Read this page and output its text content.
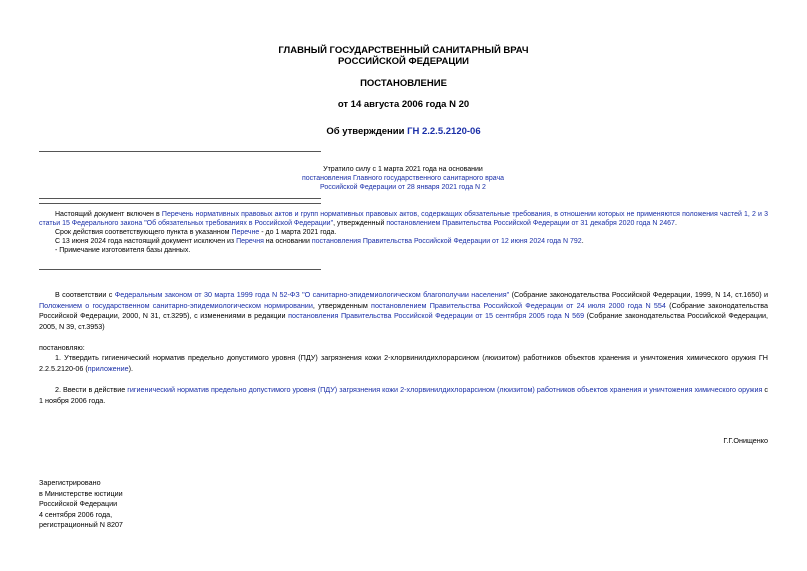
ГЛАВНЫЙ ГОСУДАРСТВЕННЫЙ САНИТАРНЫЙ ВРАЧ
РОССИЙСКОЙ ФЕДЕРАЦИИ
ПОСТАНОВЛЕНИЕ
от 14 августа 2006 года N 20
Об утверждении ГН 2.2.5.2120-06
Утратило силу с 1 марта 2021 года на основании
постановления Главного государственного санитарного врача
Российской Федерации от 28 января 2021 года N 2

Настоящий документ включен в Перечень нормативных правовых актов и групп нормативных правовых актов, содержащих обязательные требования, в отношении которых не применяются положения частей 1, 2 и 3 статьи 15 Федерального закона "Об обязательных требованиях в Российской Федерации", утвержденный постановлением Правительства Российской Федерации от 31 декабря 2020 года N 2467.

Срок действия соответствующего пункта в указанном Перечне - до 1 марта 2021 года.

С 13 июня 2024 года настоящий документ исключен из Перечня на основании постановления Правительства Российской Федерации от 12 июня 2024 года N 792.

- Примечание изготовителя базы данных.

В соответствии с Федеральным законом от 30 марта 1999 года N 52-ФЗ "О санитарно-эпидемиологическом благополучии населения" (Собрание законодательства Российской Федерации, 1999, N 14, ст.1650) и Положением о государственном санитарно-эпидемиологическом нормировании, утвержденным постановлением Правительства Российской Федерации от 24 июля 2000 года N 554 (Собрание законодательства Российской Федерации, 2000, N 31, ст.3295), с изменениями в редакции постановления Правительства Российской Федерации от 15 сентября 2005 года N 569 (Собрание законодательства Российской Федерации, 2005, N 39, ст.3953)

постановляю:

1. Утвердить гигиенический норматив предельно допустимого уровня (ПДУ) загрязнения кожи 2-хлорвинилдихлорарсином (люизитом) работников объектов хранения и уничтожения химического оружия ГН 2.2.5.2120-06 (приложение).

2. Ввести в действие гигиенический норматив предельно допустимого уровня (ПДУ) загрязнения кожи 2-хлорвинилдихлорарсином (люизитом) работников объектов хранения и уничтожения химического оружия с 1 ноября 2006 года.

Г.Г.Онищенко
Зарегистрировано
в Министерстве юстиции
Российской Федерации
4 сентября 2006 года,
регистрационный N 8207
